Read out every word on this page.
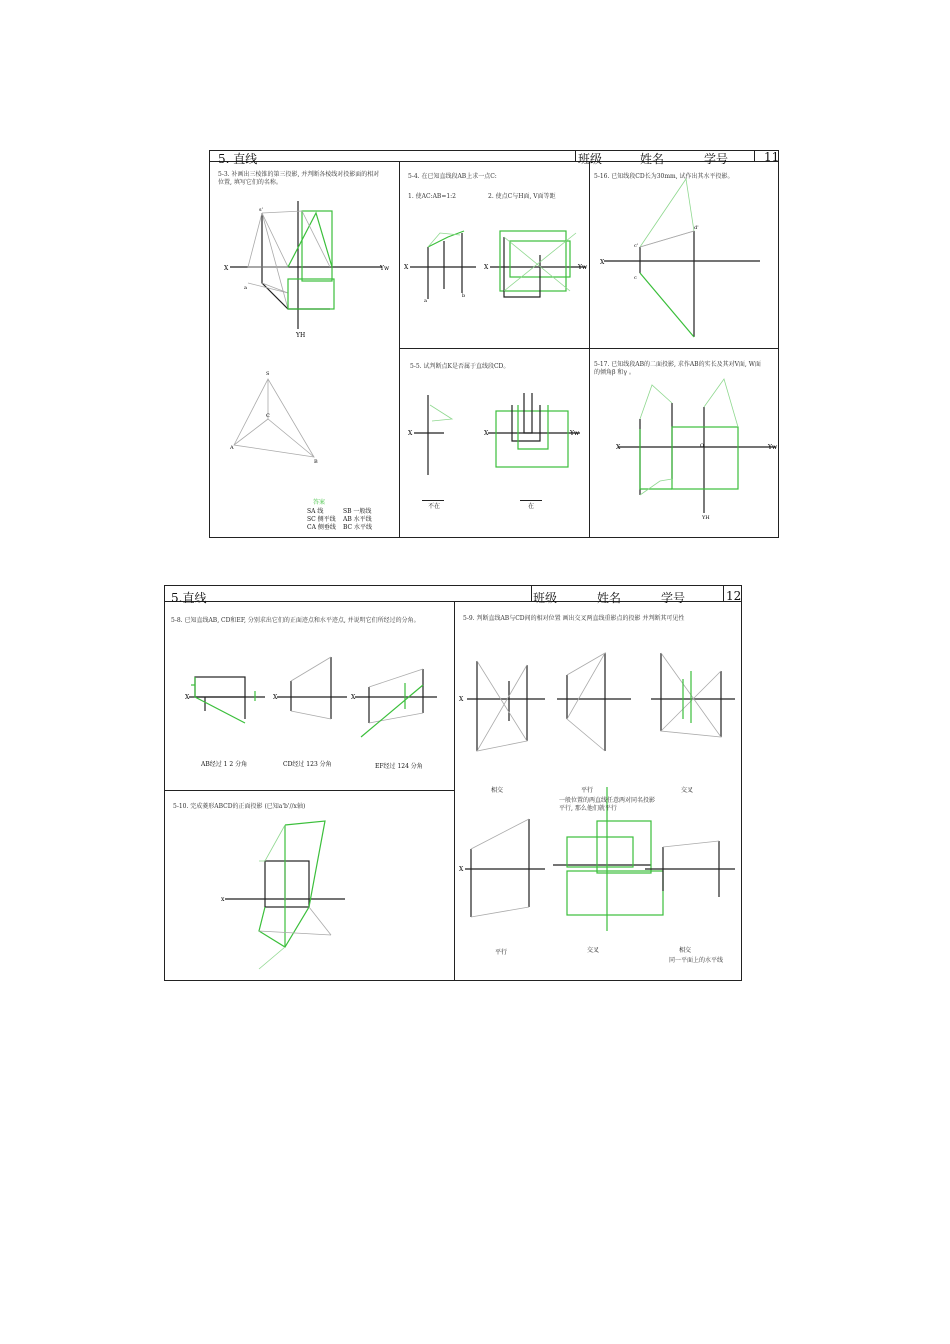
5. 直线	班级	姓名	学号	11
5-3. 补画出三棱锥的第三投影, 并判断各棱线对投影面的相对
位置, 填写它们的名称。
X	Yw
YH
s'
a
S
C
A
B
答案
SA 线	SB 一般线
SC 侧平线 AB 水平线
CA 侧垂线 BC 水平线
5-4. 在已知直线段AB上求一点C:
1. 使AC:AB=1:2	2. 使点C与H面, V面等距
X	X	Yw
a
b
5-16. 已知线段CD长为30mm, 试作出其水平投影。
X
c'
c
d'
5-5. 试判断点K是否属于直线段CD。
X	X	Yw
不在	在
5-17. 已知线段AB的二面投影, 求作AB的实长及其对V面, W面
的倾角β 和γ 。
X	Yw
O
YH
5.直线	班级	姓名	学号	12
5-8. 已知直线AB, CD和EF, 分别求出它们的正面迹点和水平迹点, 并说明它们所经过的分角。
X	X	X
AB经过 1 2 分角	CD经过 123 分角	EF经过 124 分角
5-10. 完成菱形ABCD的正面投影 (已知a'b'//x轴)
x
5-9. 判断直线AB与CD间的相对位置 画出交叉两直线重影点的投影 并判断其可见性
X
X
相交	平行	交叉
一般位置的两直线任意两对同名投影
平行, 那么他们就平行
平行	交叉	相交
同一平面上的水平线
